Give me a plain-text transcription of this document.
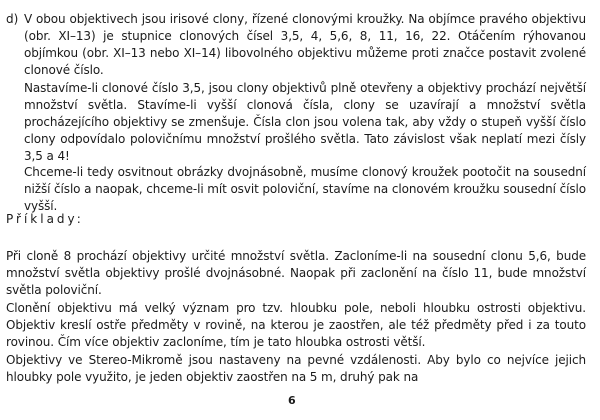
d) V obou objektivech jsou irisové clony, řízené clonovými kroužky. Na objímce pravého objektivu (obr. XI–13) je stupnice clonových čísel 3,5, 4, 5,6, 8, 11, 16, 22. Otáčením rýhovanou objímkou (obr. XI–13 nebo XI–14) libovolného objektivu můžeme proti značce postavit zvolené clonové číslo.

Nastavíme-li clonové číslo 3,5, jsou clony objektivů plně otevřeny a objektivy prochází největší množství světla. Stavíme-li vyšší clonová čísla, clony se uzavírají a množství světla procházejícího objektivy se zmenšuje. Čísla clon jsou volena tak, aby vždy o stupeň vyšší číslo clony odpovídalo polovičnímu množství prošlého světla. Tato závislost však neplatí mezi čísly 3,5 a 4!

Chceme-li tedy osvitnout obrázky dvojnásobně, musíme clonový kroužek pootočit na sousední nižší číslo a naopak, chceme-li mít osvit poloviční, stavíme na clonovém kroužku sousední číslo vyšší.

Příklady:

Při cloně 8 prochází objektivy určité množství světla. Zacloníme-li na sousední clonu 5,6, bude množství světla objektivy prošlé dvojnásobné. Naopak při zaclonění na číslo 11, bude množství světla poloviční.

Clonění objektivu má velký význam pro tzv. hloubku pole, neboli hloubku ostrosti objektivu. Objektiv kreslí ostře předměty v rovině, na kterou je zaostřen, ale též předměty před i za touto rovinou. Čím více objektiv zacloníme, tím je tato hloubka ostrosti větší.

Objektivy ve Stereo-Mikromě jsou nastaveny na pevné vzdálenosti. Aby bylo co nejvíce jejich hloubky pole využito, je jeden objektiv zaostřen na 5 m, druhý pak na

6
